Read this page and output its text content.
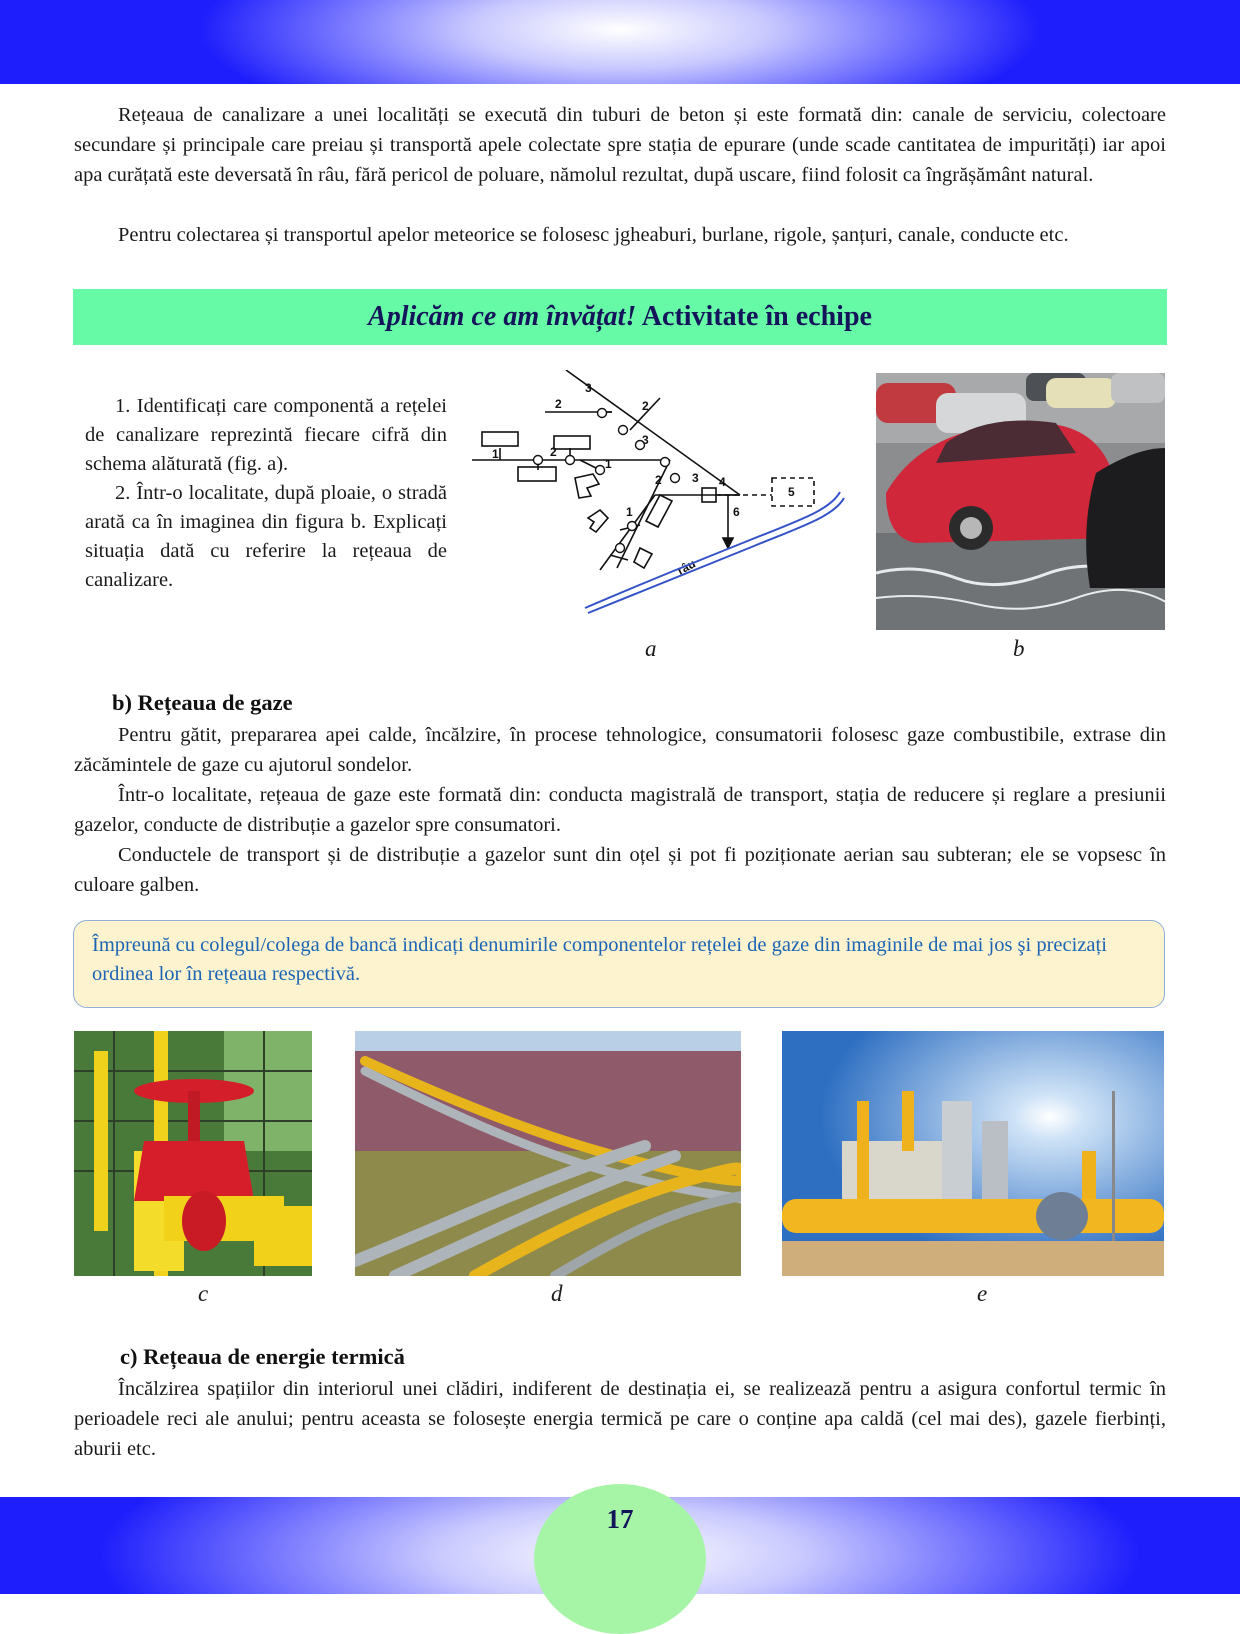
Rețeaua de canalizare a unei localități se execută din tuburi de beton și este formată din: canale de serviciu, colectoare secundare și principale care preiau și transportă apele colectate spre stația de epurare (unde scade cantitatea de impurități) iar apoi apa curățată este deversată în râu, fără pericol de poluare, nămolul rezultat, după uscare, fiind folosit ca îngrășământ natural.
Pentru colectarea și transportul apelor meteorice se folosesc jgheaburi, burlane, rigole, șanțuri, canale, conducte etc.
Aplicăm ce am învățat! Activitate în echipe

1. Identificați care componentă a rețelei de canalizare reprezintă fiecare cifră din schema alăturată (fig. a).

2. Într-o localitate, după ploaie, o stradă arată ca în imaginea din figura b. Explicați situația dată cu referire la rețeaua de canalizare.

3
2	2
3
2
1
1
2	3 4
5
6
1
râu
a	b
b) Rețeaua de gaze
Pentru gătit, prepararea apei calde, încălzire, în procese tehnologice, consumatorii folosesc gaze combustibile, extrase din zăcămintele de gaze cu ajutorul sondelor.
Într-o localitate, rețeaua de gaze este formată din: conducta magistrală de transport, stația de reducere și reglare a presiunii gazelor, conducte de distribuție a gazelor spre consumatori.
Conductele de transport și de distribuție a gazelor sunt din oțel și pot fi poziționate aerian sau subteran; ele se vopsesc în culoare galben.
Împreună cu colegul/colega de bancă indicați denumirile componentelor rețelei de gaze din imaginile de mai jos şi precizați ordinea lor în rețeaua respectivă.
c	d	e
c) Rețeaua de energie termică
Încălzirea spațiilor din interiorul unei clădiri, indiferent de destinația ei, se realizează pentru a asigura confortul termic în perioadele reci ale anului; pentru aceasta se folosește energia termică pe care o conține apa caldă (cel mai des), gazele fierbinți, aburii etc.
17
